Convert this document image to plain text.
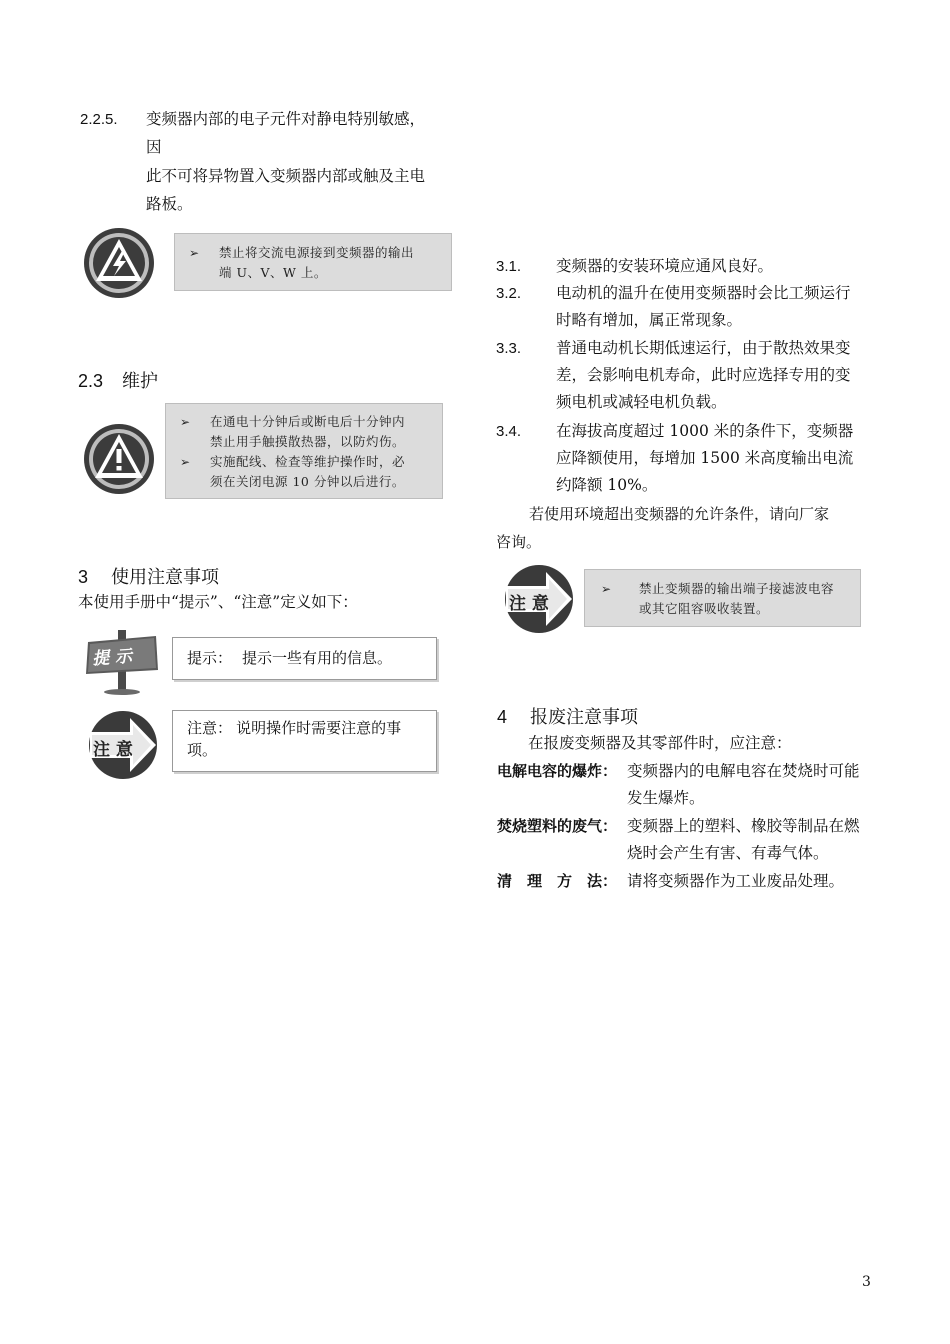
2.2.5. 变频器内部的电子元件对静电特别敏感，
因
此不可将异物置入变频器内部或触及主电
路板。
➢ 禁止将交流电源接到变频器的输出
端 U、V、W 上。
2.3 维护
➢ 在通电十分钟后或断电后十分钟内
禁止用手触摸散热器，以防灼伤。
➢ 实施配线、检查等维护操作时，必
须在关闭电源 10 分钟以后进行。
3 使用注意事项
本使用手册中“提示”、“注意”定义如下：
提 示	提示： 提示一些有用的信息。
注 意
注意： 说明操作时需要注意的事
项。
3.1. 变频器的安装环境应通风良好。
3.2. 电动机的温升在使用变频器时会比工频运行
时略有增加，属正常现象。
3.3. 普通电动机长期低速运行，由于散热效果变
差，会影响电机寿命，此时应选择专用的变
频电机或减轻电机负载。
3.4. 在海拔高度超过 1000 米的条件下，变频器
应降额使用，每增加 1500 米高度输出电流
约降额 10%。
若使用环境超出变频器的允许条件，请向厂家
咨询。
注 意
➢ 禁止变频器的输出端子接滤波电容
或其它阻容吸收装置。
4 报废注意事项
在报废变频器及其零部件时，应注意：
电解电容的爆炸： 变频器内的电解电容在焚烧时可能
发生爆炸。
焚烧塑料的废气： 变频器上的塑料、橡胶等制品在燃
烧时会产生有害、有毒气体。
清　理　方　法： 请将变频器作为工业废品处理。
3
